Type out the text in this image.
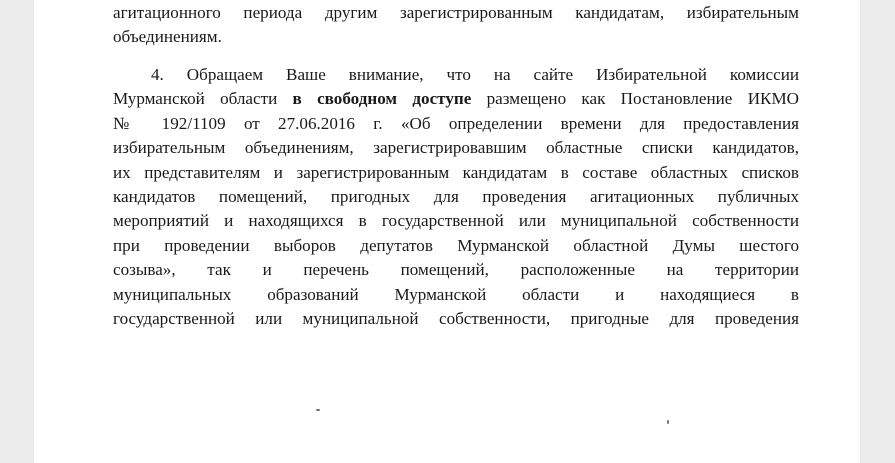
агитационного периода другим зарегистрированным кандидатам, избирательным
объединениям.
4. Обращаем Ваше внимание, что на сайте Избирательной комиссии
Мурманской области в свободном доступе размещено как Постановление ИКМО
№ 192/1109 от 27.06.2016 г. «Об определении времени для предоставления
избирательным объединениям, зарегистрировавшим областные списки кандидатов,
их представителям и зарегистрированным кандидатам в составе областных списков
кандидатов помещений, пригодных для проведения агитационных публичных
мероприятий и находящихся в государственной или муниципальной собственности
при проведении выборов депутатов Мурманской областной Думы шестого
созыва», так и перечень помещений, расположенные на территории
муниципальных образований Мурманской области и находящиеся в
государственной или муниципальной собственности, пригодные для проведения
